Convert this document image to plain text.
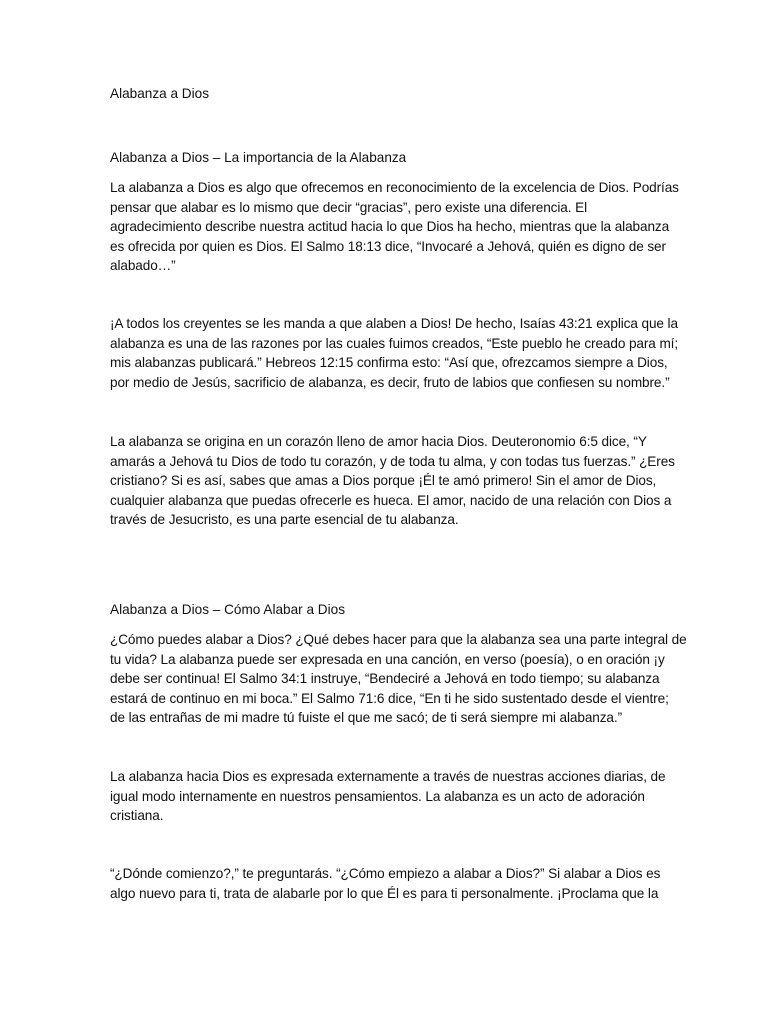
Alabanza a Dios
Alabanza a Dios – La importancia de la Alabanza
La alabanza a Dios es algo que ofrecemos en reconocimiento de la excelencia de Dios. Podrías
pensar que alabar es lo mismo que decir “gracias”, pero existe una diferencia. El
agradecimiento describe nuestra actitud hacia lo que Dios ha hecho, mientras que la alabanza
es ofrecida por quien es Dios. El Salmo 18:13 dice, “Invocaré a Jehová, quién es digno de ser
alabado…”
¡A todos los creyentes se les manda a que alaben a Dios! De hecho, Isaías 43:21 explica que la
alabanza es una de las razones por las cuales fuimos creados, “Este pueblo he creado para mí;
mis alabanzas publicará.” Hebreos 12:15 confirma esto: “Así que, ofrezcamos siempre a Dios,
por medio de Jesús, sacrificio de alabanza, es decir, fruto de labios que confiesen su nombre.”
La alabanza se origina en un corazón lleno de amor hacia Dios. Deuteronomio 6:5 dice, “Y
amarás a Jehová tu Dios de todo tu corazón, y de toda tu alma, y con todas tus fuerzas.” ¿Eres
cristiano? Si es así, sabes que amas a Dios porque ¡Él te amó primero! Sin el amor de Dios,
cualquier alabanza que puedas ofrecerle es hueca. El amor, nacido de una relación con Dios a
través de Jesucristo, es una parte esencial de tu alabanza.
Alabanza a Dios – Cómo Alabar a Dios
¿Cómo puedes alabar a Dios? ¿Qué debes hacer para que la alabanza sea una parte integral de
tu vida? La alabanza puede ser expresada en una canción, en verso (poesía), o en oración ¡y
debe ser continua! El Salmo 34:1 instruye, “Bendeciré a Jehová en todo tiempo; su alabanza
estará de continuo en mi boca.” El Salmo 71:6 dice, “En ti he sido sustentado desde el vientre;
de las entrañas de mi madre tú fuiste el que me sacó; de ti será siempre mi alabanza.”
La alabanza hacia Dios es expresada externamente a través de nuestras acciones diarias, de
igual modo internamente en nuestros pensamientos. La alabanza es un acto de adoración
cristiana.
“¿Dónde comienzo?,” te preguntarás. “¿Cómo empiezo a alabar a Dios?” Si alabar a Dios es
algo nuevo para ti, trata de alabarle por lo que Él es para ti personalmente. ¡Proclama que la
